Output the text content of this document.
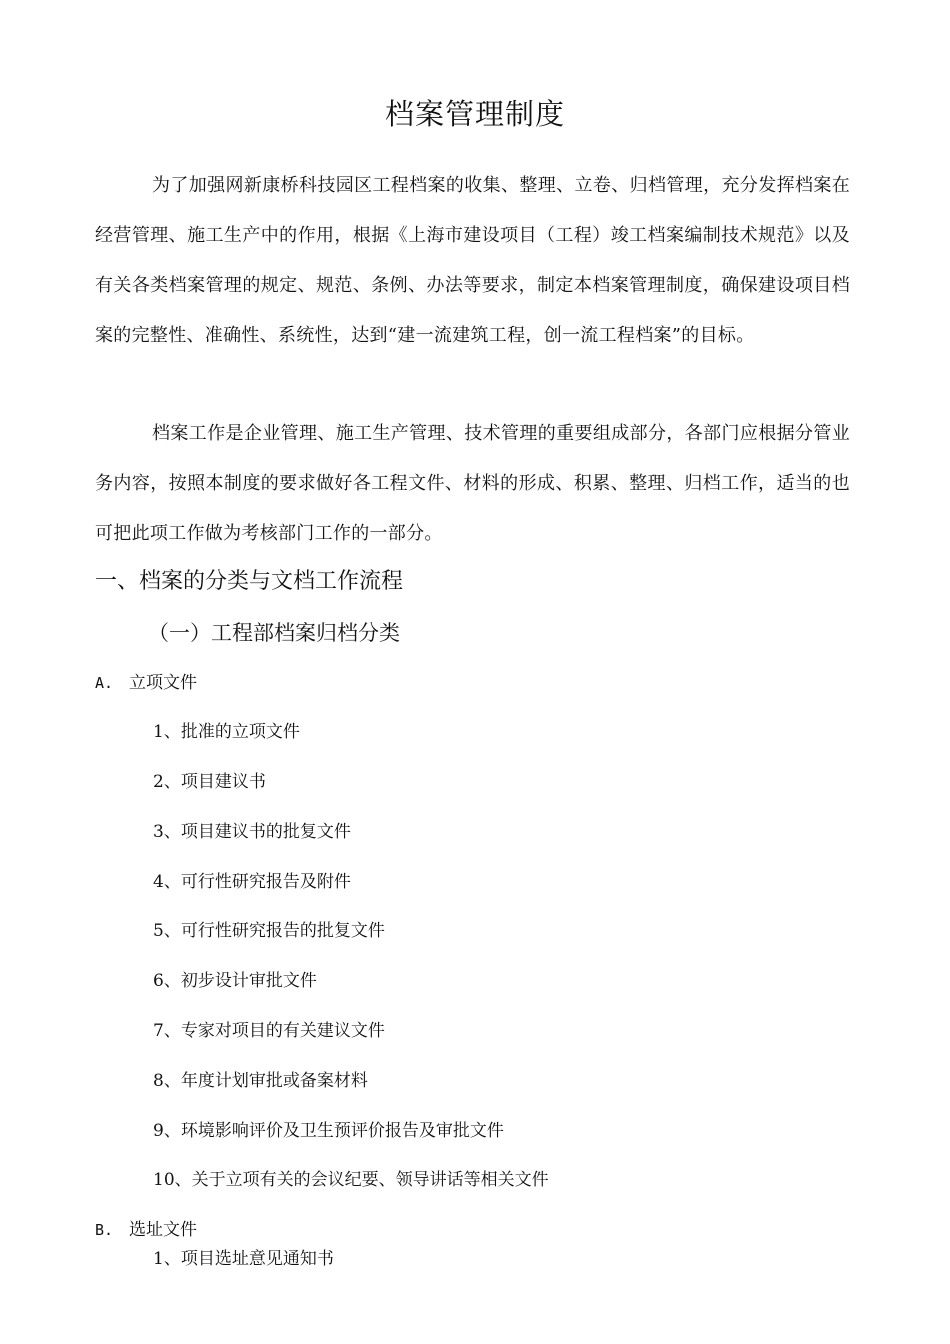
档案管理制度
为了加强网新康桥科技园区工程档案的收集、整理、立卷、归档管理，充分发挥档案在经营管理、施工生产中的作用，根据《上海市建设项目（工程）竣工档案编制技术规范》以及有关各类档案管理的规定、规范、条例、办法等要求，制定本档案管理制度，确保建设项目档案的完整性、准确性、系统性，达到“建一流建筑工程，创一流工程档案”的目标。
档案工作是企业管理、施工生产管理、技术管理的重要组成部分，各部门应根据分管业务内容，按照本制度的要求做好各工程文件、材料的形成、积累、整理、归档工作，适当的也可把此项工作做为考核部门工作的一部分。
一、档案的分类与文档工作流程
（一）工程部档案归档分类
A. 立项文件
1、批准的立项文件
2、项目建议书
3、项目建议书的批复文件
4、可行性研究报告及附件
5、可行性研究报告的批复文件
6、初步设计审批文件
7、专家对项目的有关建议文件
8、年度计划审批或备案材料
9、环境影响评价及卫生预评价报告及审批文件
10、关于立项有关的会议纪要、领导讲话等相关文件
B. 选址文件
1、项目选址意见通知书
